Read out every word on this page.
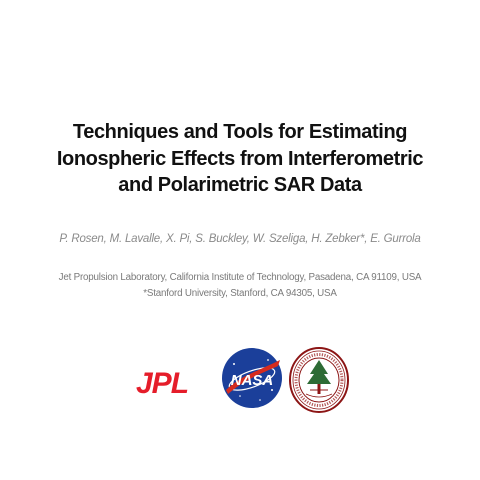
Techniques and Tools for Estimating
Ionospheric Effects from Interferometric
and Polarimetric SAR Data
P. Rosen, M. Lavalle, X. Pi, S. Buckley, W. Szeliga, H. Zebker*, E. Gurrola
Jet Propulsion Laboratory, California Institute of Technology, Pasadena, CA 91109, USA
*Stanford University, Stanford, CA 94305, USA
JPL	NASA
